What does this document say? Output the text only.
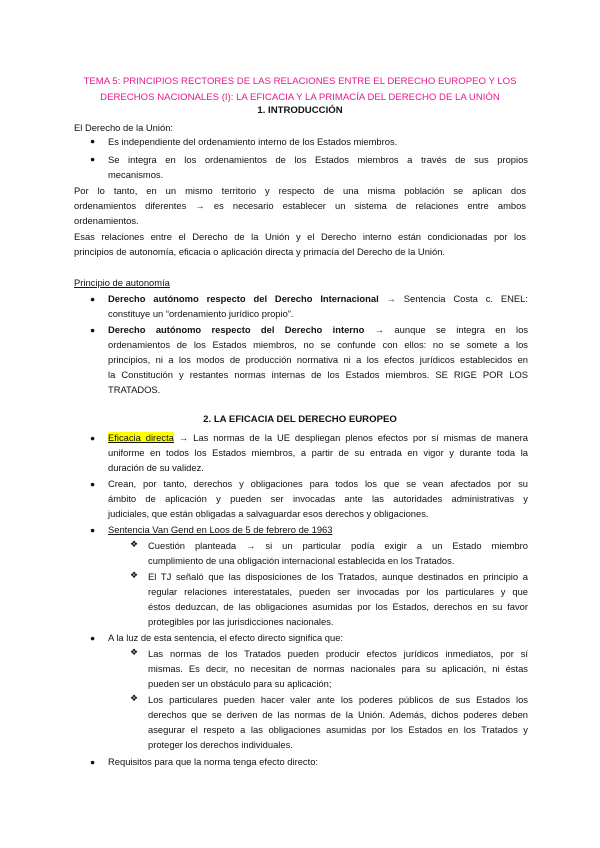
TEMA 5: PRINCIPIOS RECTORES DE LAS RELACIONES ENTRE EL DERECHO EUROPEO Y LOS
DERECHOS NACIONALES (I): LA EFICACIA Y LA PRIMACÍA DEL DERECHO DE LA UNIÓN
1. INTRODUCCIÓN
El Derecho de la Unión:
● Es independiente del ordenamiento interno de los Estados miembros.
● Se integra en los ordenamientos de los Estados miembros a través de sus propios
mecanismos.
Por lo tanto, en un mismo territorio y respecto de una misma población se aplican dos
ordenamientos diferentes → es necesario establecer un sistema de relaciones entre ambos
ordenamientos.
Esas relaciones entre el Derecho de la Unión y el Derecho interno están condicionadas por los
principios de autonomía, eficacia o aplicación directa y primacía del Derecho de la Unión.
Principio de autonomía
● Derecho autónomo respecto del Derecho Internacional → Sentencia Costa c. ENEL:
constituye un “ordenamiento jurídico propio”.
● Derecho autónomo respecto del Derecho interno → aunque se integra en los
ordenamientos de los Estados miembros, no se confunde con ellos: no se somete a los
principios, ni a los modos de producción normativa ni a los efectos jurídicos establecidos en
la Constitución y restantes normas internas de los Estados miembros. SE RIGE POR LOS
TRATADOS.
2. LA EFICACIA DEL DERECHO EUROPEO
● Eficacia directa → Las normas de la UE despliegan plenos efectos por sí mismas de manera
uniforme en todos los Estados miembros, a partir de su entrada en vigor y durante toda la
duración de su validez.
● Crean, por tanto, derechos y obligaciones para todos los que se vean afectados por su
ámbito de aplicación y pueden ser invocadas ante las autoridades administrativas y
judiciales, que están obligadas a salvaguardar esos derechos y obligaciones.
● Sentencia Van Gend en Loos de 5 de febrero de 1963
❖ Cuestión planteada → si un particular podía exigir a un Estado miembro
cumplimiento de una obligación internacional establecida en los Tratados.
❖ El TJ señaló que las disposiciones de los Tratados, aunque destinados en principio a
regular relaciones interestatales, pueden ser invocadas por los particulares y que
éstos deduzcan, de las obligaciones asumidas por los Estados, derechos en su favor
protegibles por las jurisdicciones nacionales.
● A la luz de esta sentencia, el efecto directo significa que:
❖ Las normas de los Tratados pueden producir efectos jurídicos inmediatos, por sí
mismas. Es decir, no necesitan de normas nacionales para su aplicación, ni éstas
pueden ser un obstáculo para su aplicación;
❖ Los particulares pueden hacer valer ante los poderes públicos de sus Estados los
derechos que se deriven de las normas de la Unión. Además, dichos poderes deben
asegurar el respeto a las obligaciones asumidas por los Estados en los Tratados y
proteger los derechos individuales.
● Requisitos para que la norma tenga efecto directo:
